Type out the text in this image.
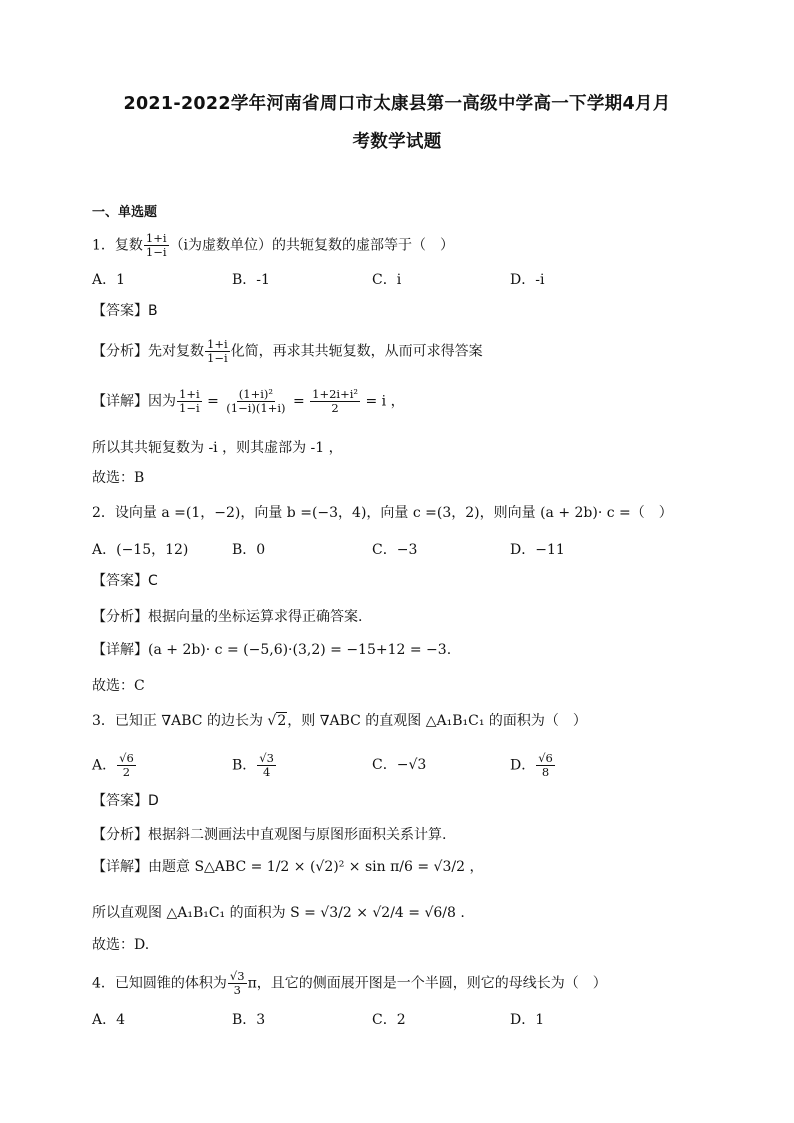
2021-2022学年河南省周口市太康县第一高级中学高一下学期4月月
考数学试题
一、单选题
1．复数 $\frac{1+i}{1-i} (i$为虚数单位）的共轭复数的虚部等于（　）
A．1	B．-1	C．i	D．-i
【答案】B
【分析】先对复数 $\frac{1+i}{1-i}$ 化简，再求其共轭复数，从而可求得答案
【详解】因为 $\frac{1+i}{1-i} = \frac{\text{(1+i)²}}{(1-i)(1+i)} = \frac{\text{1+2i+i²}}{2} = i$ ，
所以其共轭复数为 -i ，则其虚部为 -1 ，
故选：B
2．设向量 a =(1，−2)，向量 b =(−3，4)，向量 c =(3，2)，则向量 (a + 2b)· c =（　）
A．(−15，12)	B．0	C．−3	D．−11
【答案】C
【分析】根据向量的坐标运算求得正确答案.
【详解】(a + 2b)· c = (−5,6)·(3,2) = −15+12 = −3.
故选：C
3．已知正 ∇ABC 的边长为 √2，则 ∇ABC 的直观图 △A₁B₁C₁ 的面积为（　）
A． $\frac{√6}{2}$	B． $\frac{√3}{4}$	C．−√3	D． $\frac{√6}{8}$
【答案】D
【分析】根据斜二测画法中直观图与原图形面积关系计算.
【详解】由题意 S△ABC = 1/2 × (√2)² × sin π/6 = √3/2 ，
所以直观图 △A₁B₁C₁ 的面积为 S = √3/2 × √2/4 = √6/8 .
故选：D.
4．已知圆锥的体积为 $\frac{√3}{3}$ π，且它的侧面展开图是一个半圆，则它的母线长为（　）
A．4	B．3	C．2	D．1
